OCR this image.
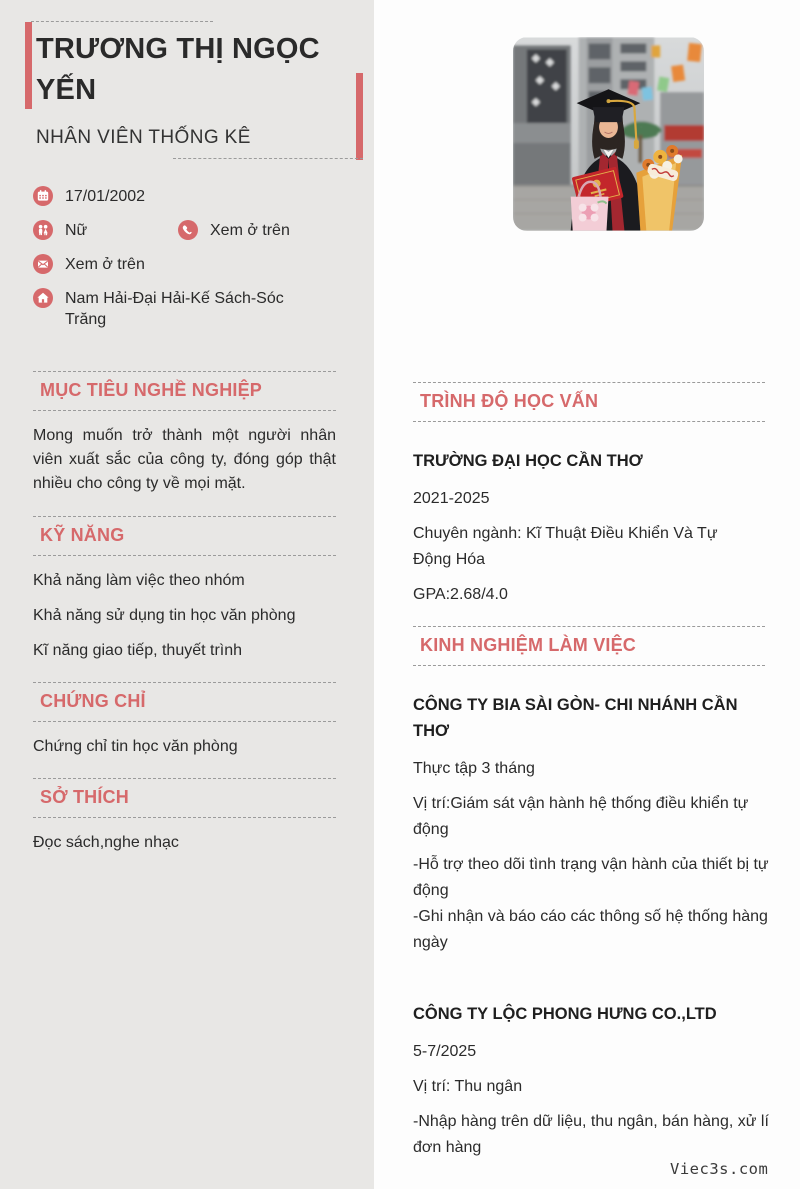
TRƯƠNG THỊ NGỌC YẾN
NHÂN VIÊN THỐNG KÊ
17/01/2002
Nữ	Xem ở trên
Xem ở trên
Nam Hải-Đại Hải-Kế Sách-Sóc Trăng
MỤC TIÊU NGHỀ NGHIỆP

Mong muốn trở thành một người nhân viên xuất sắc của công ty, đóng góp thật nhiều cho công ty về mọi mặt.

KỸ NĂNG

Khả năng làm việc theo nhóm

Khả năng sử dụng tin học văn phòng

Kĩ năng giao tiếp, thuyết trình

CHỨNG CHỈ

Chứng chỉ tin học văn phòng

SỞ THÍCH

Đọc sách,nghe nhạc

TRÌNH ĐỘ HỌC VẤN

TRƯỜNG ĐẠI HỌC CẦN THƠ

2021-2025

Chuyên ngành: Kĩ Thuật Điều Khiển Và Tự Động Hóa

GPA:2.68/4.0

KINH NGHIỆM LÀM VIỆC

CÔNG TY BIA SÀI GÒN- CHI NHÁNH CẦN THƠ

Thực tập 3 tháng

Vị trí:Giám sát vận hành hệ thống điều khiển tự động

-Hỗ trợ theo dõi tình trạng vận hành của thiết bị tự động
-Ghi nhận và báo cáo các thông số hệ thống hàng ngày

CÔNG TY LỘC PHONG HƯNG CO.,LTD

5-7/2025

Vị trí: Thu ngân

-Nhập hàng trên dữ liệu, thu ngân, bán hàng, xử lí đơn hàng

Viec3s.com
